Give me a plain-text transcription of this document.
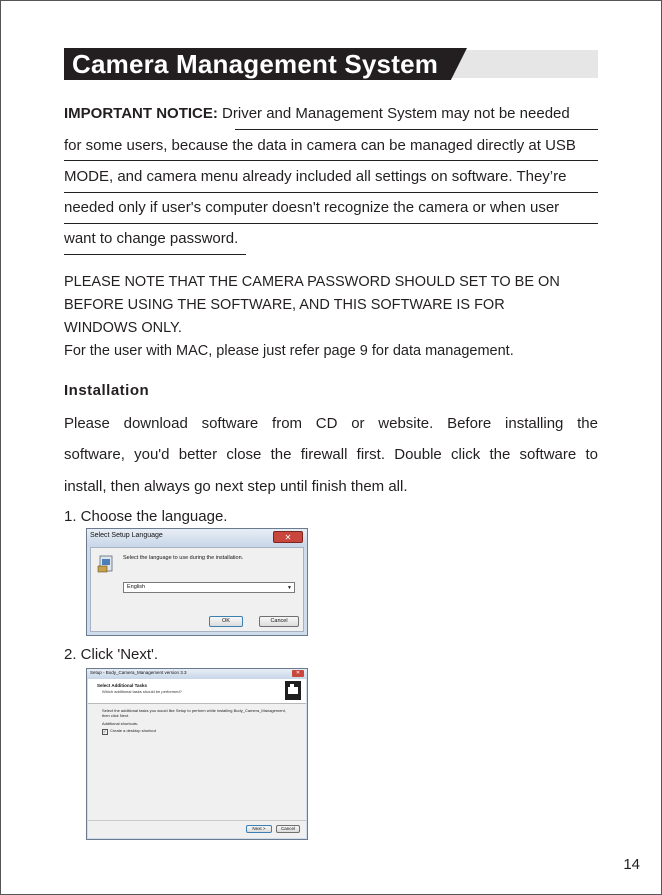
Camera Management System
IMPORTANT NOTICE: Driver and Management System may not be needed
for some users, because the data in camera can be managed directly at USB
MODE, and camera menu already included all settings on software. They’re
needed only if user's computer doesn't recognize the camera or when user
want to change password.
PLEASE NOTE THAT THE CAMERA PASSWORD SHOULD SET TO BE ON
BEFORE USING THE SOFTWARE, AND THIS SOFTWARE IS FOR
WINDOWS ONLY.
For the user with MAC, please just refer page 9 for data management.
Installation
Please download software from CD or website. Before installing the
software, you'd better close the firewall first. Double click the software to
install, then always go next step until finish them all.
1. Choose the language.
Select Setup Language	✕
Select the language to use during the installation.
English	▼
OK	Cancel
2. Click 'Next'.
Setup - Body_Camera_Management version 3.3	✕
Select Additional Tasks
Which additional tasks should be performed?
Select the additional tasks you would like Setup to perform while installing Body_Camera_Management,
then click Next.
Additional shortcuts:
✓ Create a desktop shortcut
Next >	Cancel
14
